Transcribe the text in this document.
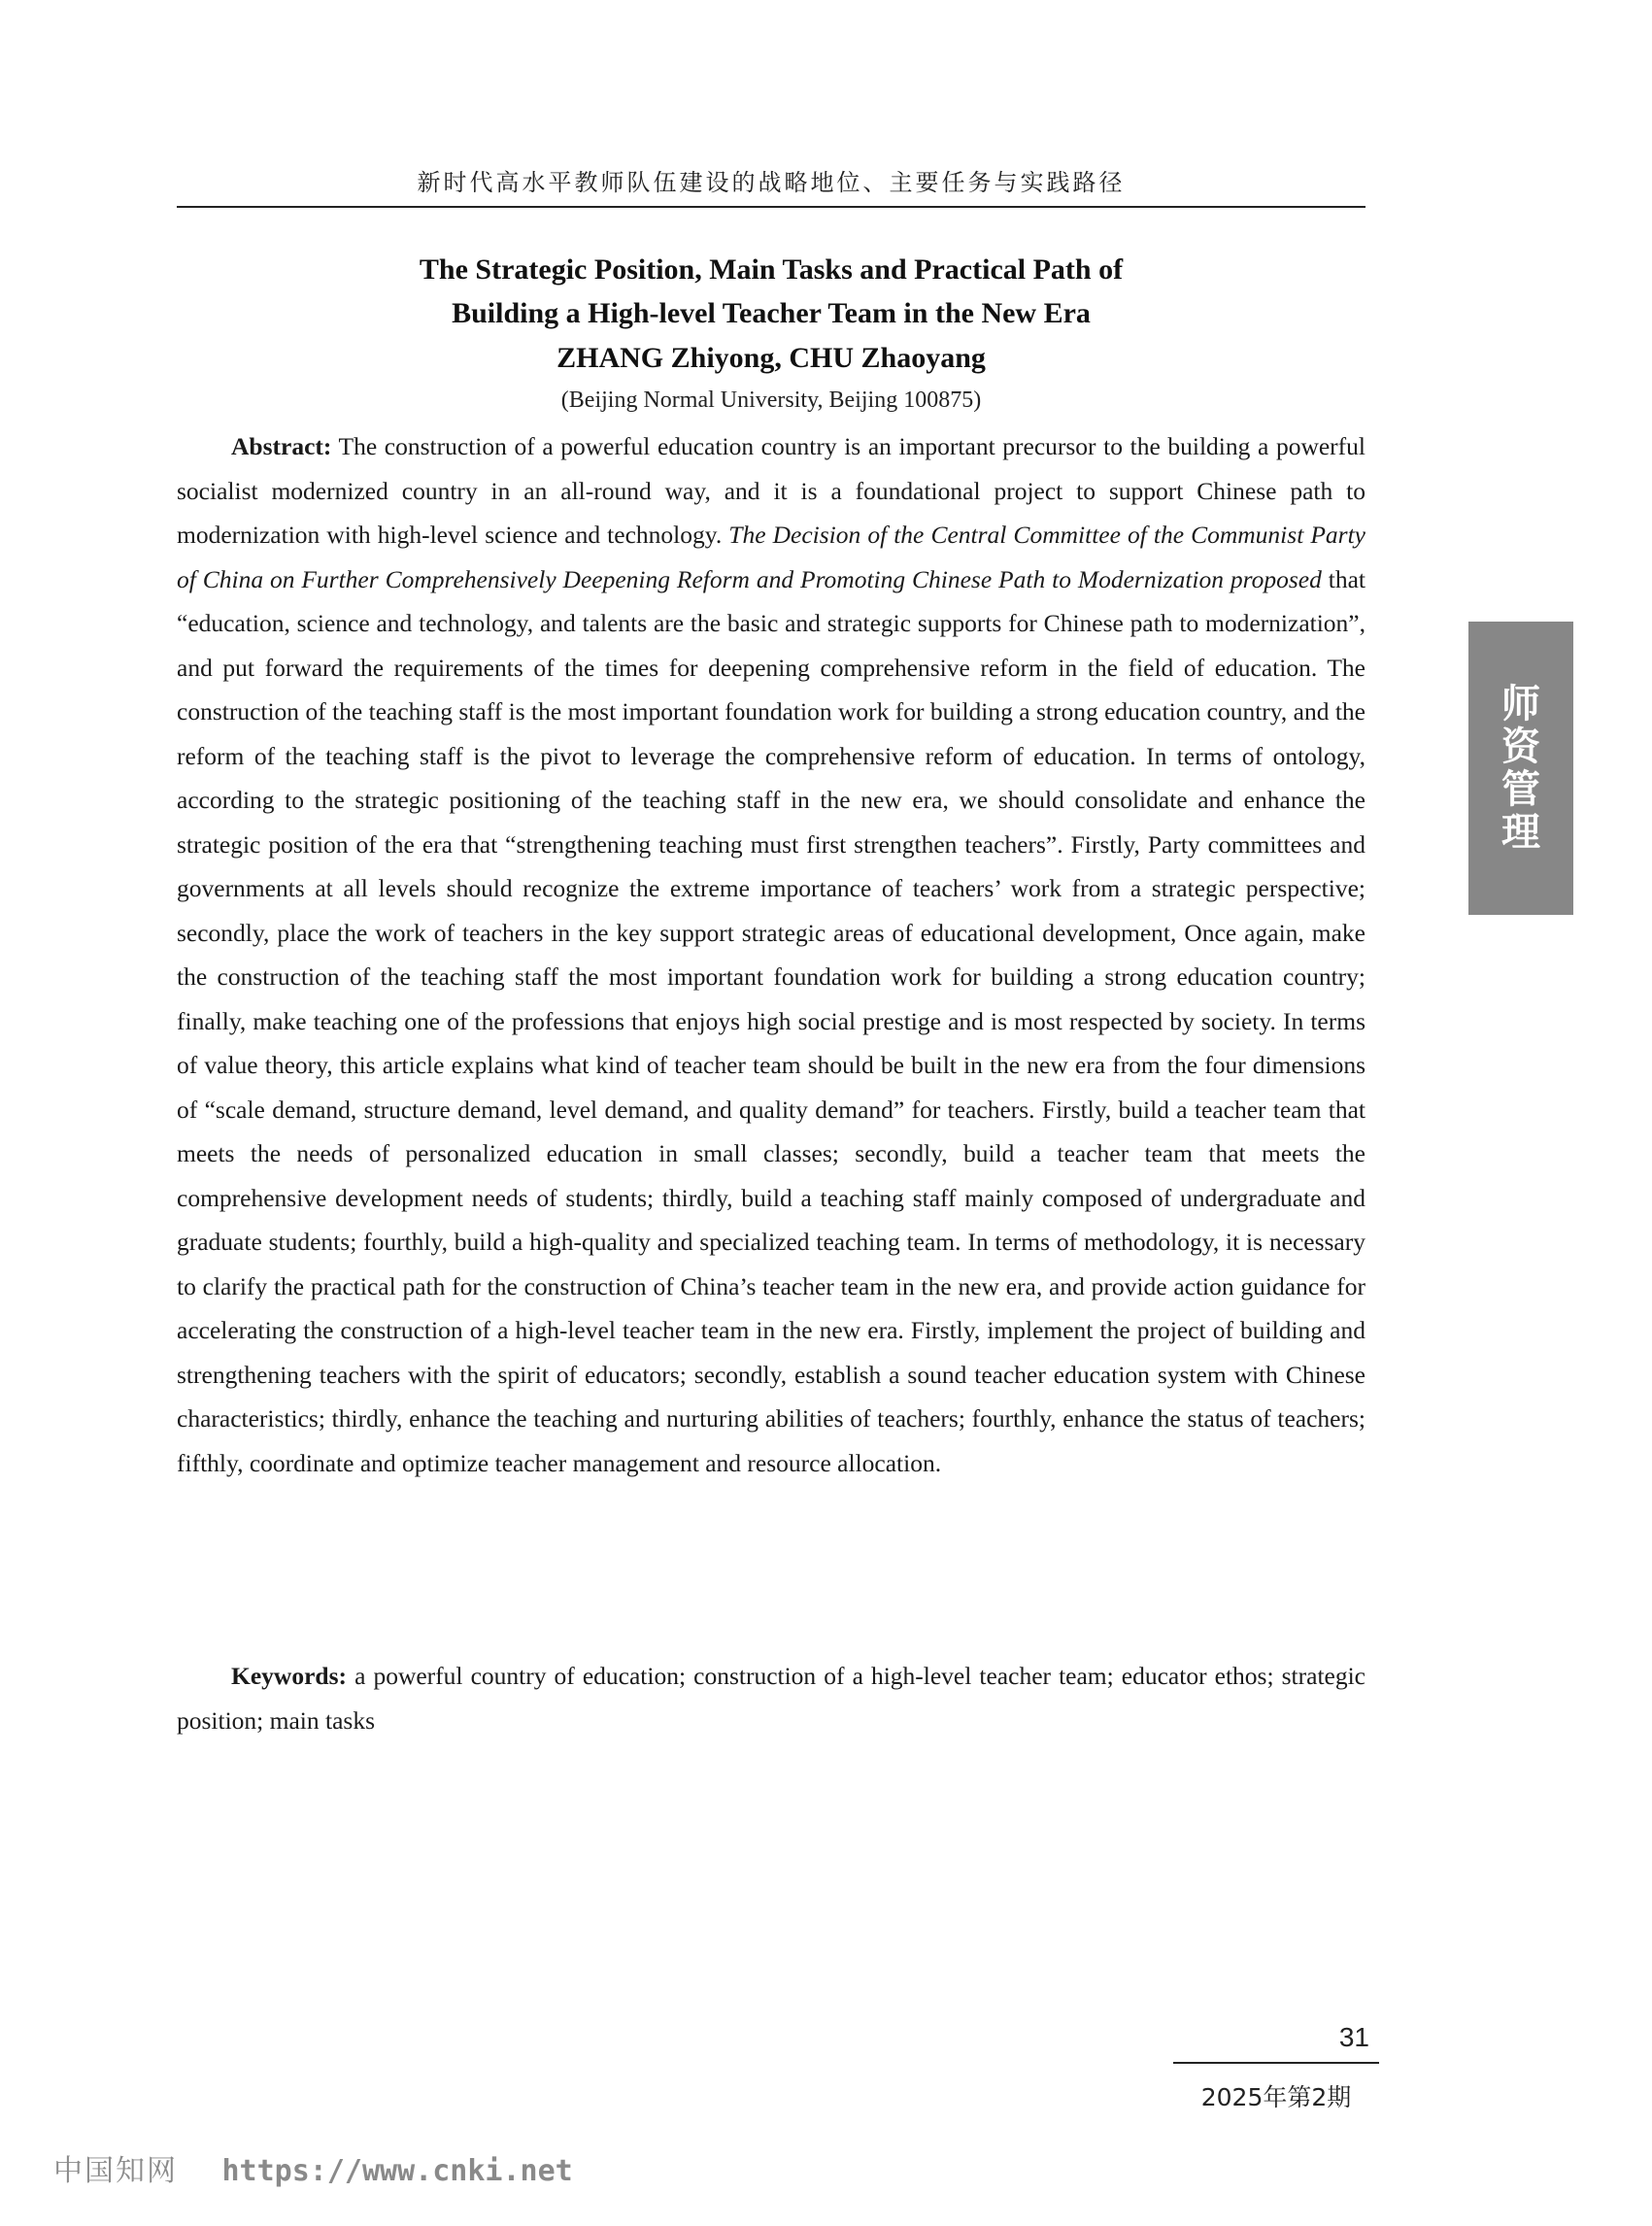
新时代高水平教师队伍建设的战略地位、主要任务与实践路径
The Strategic Position, Main Tasks and Practical Path of
Building a High-level Teacher Team in the New Era
ZHANG Zhiyong, CHU Zhaoyang
(Beijing Normal University, Beijing 100875)

Abstract: The construction of a powerful education country is an important precursor to the building a powerful socialist modernized country in an all-round way, and it is a foundational project to support Chinese path to modernization with high-level science and technology. The Decision of the Central Committee of the Communist Party of China on Further Comprehensively Deepening Reform and Promoting Chinese Path to Modernization proposed that “education, science and technology, and talents are the basic and strategic supports for Chinese path to modernization”, and put forward the requirements of the times for deepening comprehensive reform in the field of education. The construction of the teaching staff is the most important foundation work for building a strong education country, and the reform of the teaching staff is the pivot to leverage the comprehensive reform of education. In terms of ontology, according to the strategic positioning of the teaching staff in the new era, we should consolidate and enhance the strategic position of the era that “strengthening teaching must first strengthen teachers”. Firstly, Party committees and governments at all levels should recognize the extreme importance of teachers’ work from a strategic perspective; secondly, place the work of teachers in the key support strategic areas of educational development, Once again, make the construction of the teaching staff the most important foundation work for building a strong education country; finally, make teaching one of the professions that enjoys high social prestige and is most respected by society. In terms of value theory, this article explains what kind of teacher team should be built in the new era from the four dimensions of “scale demand, structure demand, level demand, and quality demand” for teachers. Firstly, build a teacher team that meets the needs of personalized education in small classes; secondly, build a teacher team that meets the comprehensive development needs of students; thirdly, build a teaching staff mainly composed of undergraduate and graduate students; fourthly, build a high-quality and specialized teaching team. In terms of methodology, it is necessary to clarify the practical path for the construction of China’s teacher team in the new era, and provide action guidance for accelerating the construction of a high-level teacher team in the new era. Firstly, implement the project of building and strengthening teachers with the spirit of educators; secondly, establish a sound teacher education system with Chinese characteristics; thirdly, enhance the teaching and nurturing abilities of teachers; fourthly, enhance the status of teachers; fifthly, coordinate and optimize teacher management and resource allocation.

Keywords: a powerful country of education; construction of a high-level teacher team; educator ethos; strategic position; main tasks

师资管理
31
2025年第2期
中国知网 https://www.cnki.net
